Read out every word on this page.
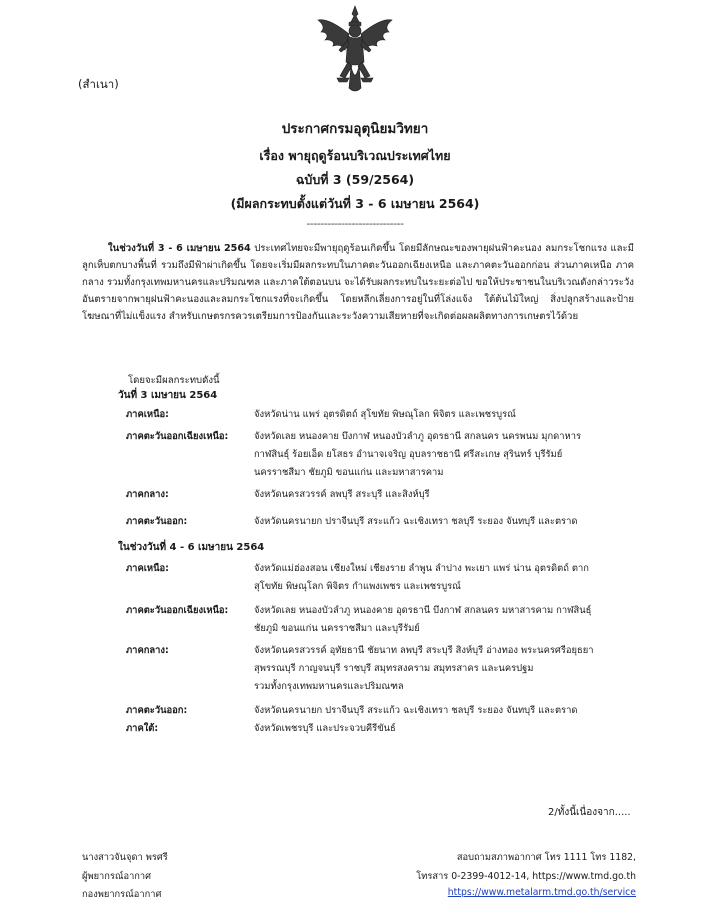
(สำเนา)
ประกาศกรมอุตุนิยมวิทยา
เรื่อง พายุฤดูร้อนบริเวณประเทศไทย
ฉบับที่ 3 (59/2564)
(มีผลกระทบตั้งแต่วันที่ 3 - 6 เมษายน 2564)
----------------------------

ในช่วงวันที่ 3 - 6 เมษายน 2564 ประเทศไทยจะมีพายุฤดูร้อนเกิดขึ้น โดยมีลักษณะของพายุฝนฟ้าคะนอง ลมกระโชกแรง และมีลูกเห็บตกบางพื้นที่ รวมถึงมีฟ้าผ่าเกิดขึ้น โดยจะเริ่มมีผลกระทบในภาคตะวันออกเฉียงเหนือ และภาคตะวันออกก่อน ส่วนภาคเหนือ ภาคกลาง รวมทั้งกรุงเทพมหานครและปริมณฑล และภาคใต้ตอนบน จะได้รับผลกระทบในระยะต่อไป ขอให้ประชาชนในบริเวณดังกล่าวระวังอันตรายจากพายุฝนฟ้าคะนองและลมกระโชกแรงที่จะเกิดขึ้น โดยหลีกเลี่ยงการอยู่ในที่โล่งแจ้ง ใต้ต้นไม้ใหญ่ สิ่งปลูกสร้างและป้ายโฆษณาที่ไม่แข็งแรง สำหรับเกษตรกรควรเตรียมการป้องกันและระวังความเสียหายที่จะเกิดต่อผลผลิตทางการเกษตรไว้ด้วย

โดยจะมีผลกระทบดังนี้
วันที่ 3 เมษายน 2564
ภาคเหนือ:	จังหวัดน่าน แพร่ อุตรดิตถ์ สุโขทัย พิษณุโลก พิจิตร และเพชรบูรณ์
ภาคตะวันออกเฉียงเหนือ:	จังหวัดเลย หนองคาย บึงกาฬ หนองบัวลำภู อุดรธานี สกลนคร นครพนม มุกดาหาร
กาฬสินธุ์ ร้อยเอ็ด ยโสธร อำนาจเจริญ อุบลราชธานี ศรีสะเกษ สุรินทร์ บุรีรัมย์
นครราชสีมา ชัยภูมิ ขอนแก่น และมหาสารคาม
ภาคกลาง:	จังหวัดนครสวรรค์ ลพบุรี สระบุรี และสิงห์บุรี
ภาคตะวันออก:	จังหวัดนครนายก ปราจีนบุรี สระแก้ว ฉะเชิงเทรา ชลบุรี ระยอง จันทบุรี และตราด
ในช่วงวันที่ 4 - 6 เมษายน 2564
ภาคเหนือ:	จังหวัดแม่ฮ่องสอน เชียงใหม่ เชียงราย ลำพูน ลำปาง พะเยา แพร่ น่าน อุตรดิตถ์ ตาก
สุโขทัย พิษณุโลก พิจิตร กำแพงเพชร และเพชรบูรณ์
ภาคตะวันออกเฉียงเหนือ:	จังหวัดเลย หนองบัวลำภู หนองคาย อุดรธานี บึงกาฬ สกลนคร มหาสารคาม กาฬสินธุ์
ชัยภูมิ ขอนแก่น นครราชสีมา และบุรีรัมย์
ภาคกลาง:	จังหวัดนครสวรรค์ อุทัยธานี ชัยนาท ลพบุรี สระบุรี สิงห์บุรี อ่างทอง พระนครศรีอยุธยา
สุพรรณบุรี กาญจนบุรี ราชบุรี สมุทรสงคราม สมุทรสาคร และนครปฐม
รวมทั้งกรุงเทพมหานครและปริมณฑล
ภาคตะวันออก:	จังหวัดนครนายก ปราจีนบุรี สระแก้ว ฉะเชิงเทรา ชลบุรี ระยอง จันทบุรี และตราด
ภาคใต้:	จังหวัดเพชรบุรี และประจวบคีรีขันธ์
2/ทั้งนี้เนื่องจาก.....
นางสาวจันจุดา พรศรี
ผู้พยากรณ์อากาศ
กองพยากรณ์อากาศ
สอบถามสภาพอากาศ โทร 1111 โทร 1182,
โทรสาร 0-2399-4012-14, https://www.tmd.go.th
https://www.metalarm.tmd.go.th/service
